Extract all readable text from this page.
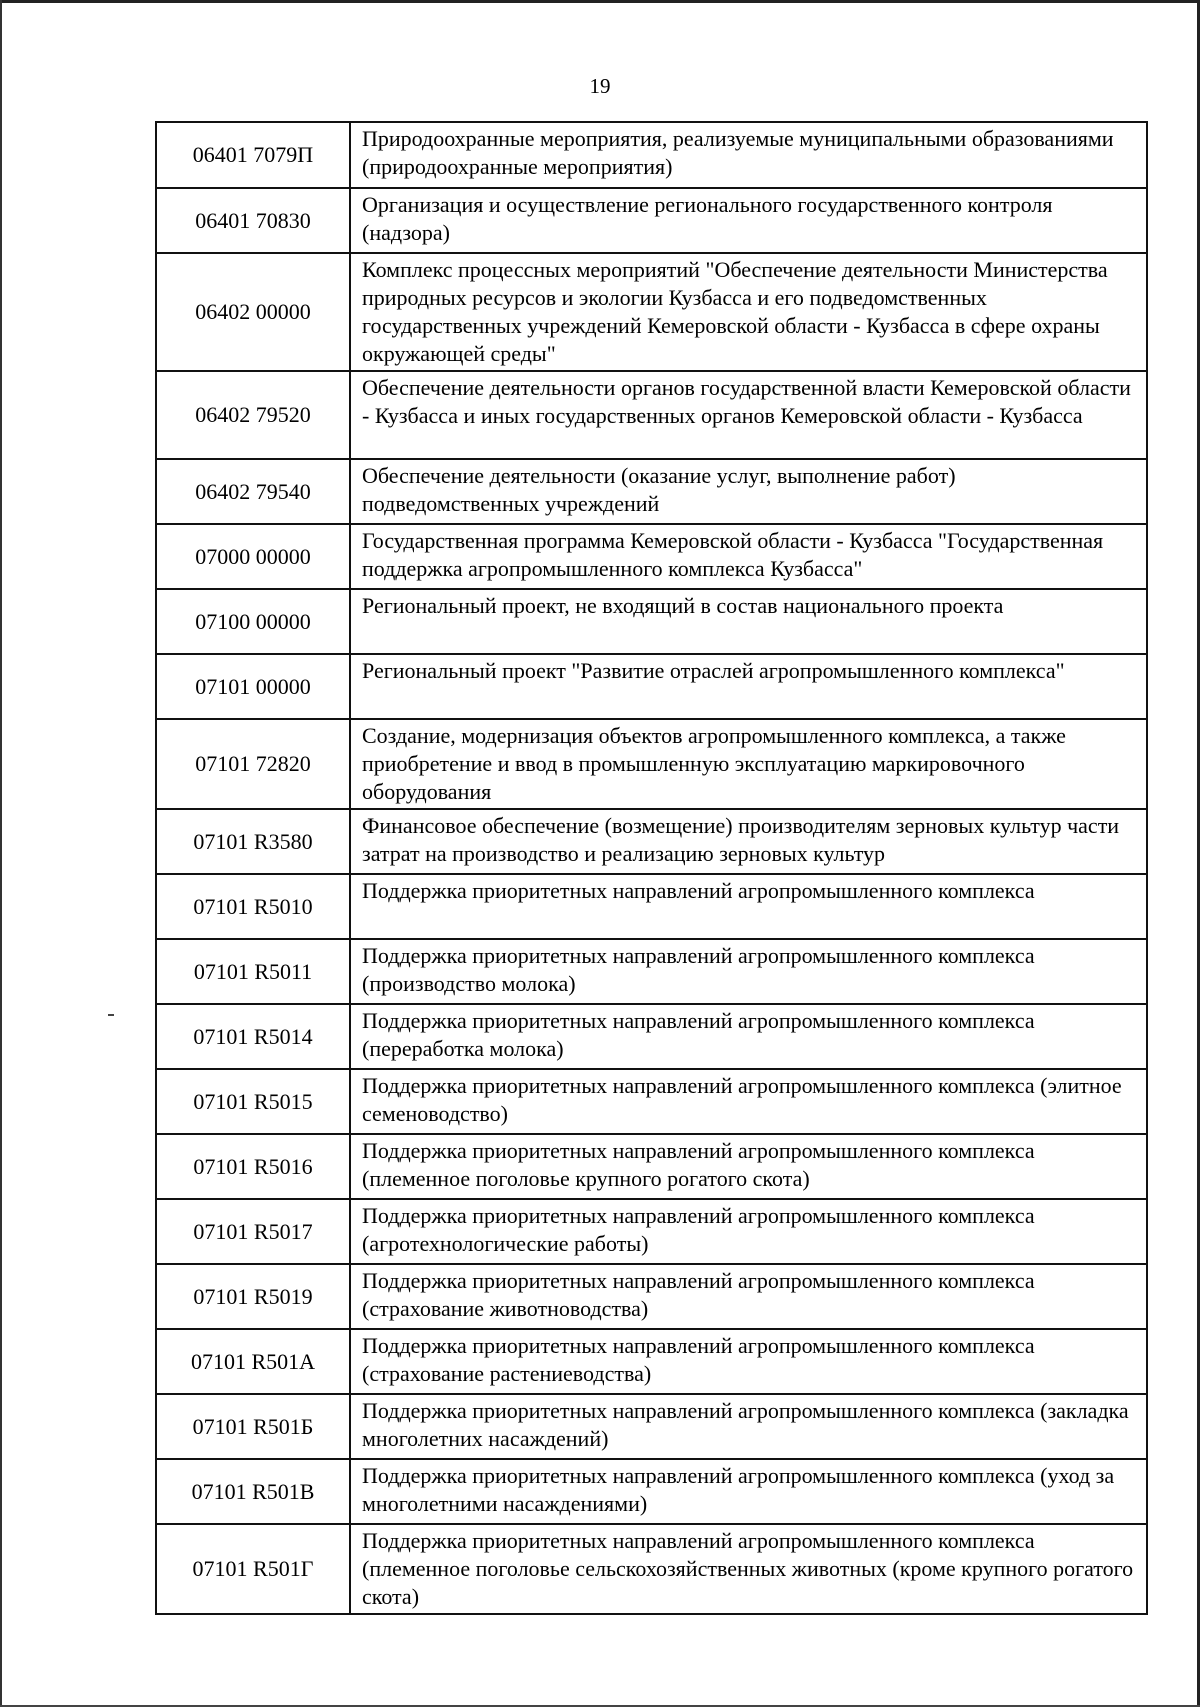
19
06401 7079П	Природоохранные мероприятия, реализуемые муниципальными образованиями (природоохранные мероприятия)
06401 70830	Организация и осуществление регионального государственного контроля (надзора)
06402 00000	Комплекс процессных мероприятий "Обеспечение деятельности Министерства природных ресурсов и экологии Кузбасса и его подведомственных государственных учреждений Кемеровской области - Кузбасса в сфере охраны окружающей среды"
06402 79520	Обеспечение деятельности органов государственной власти Кемеровской области - Кузбасса и иных государственных органов Кемеровской области - Кузбасса
06402 79540	Обеспечение деятельности (оказание услуг, выполнение работ) подведомственных учреждений
07000 00000	Государственная программа Кемеровской области - Кузбасса "Государственная поддержка агропромышленного комплекса Кузбасса"
07100 00000	Региональный проект, не входящий в состав национального проекта
07101 00000	Региональный проект "Развитие отраслей агропромышленного комплекса"
07101 72820	Создание, модернизация объектов агропромышленного комплекса, а также приобретение и ввод в промышленную эксплуатацию маркировочного оборудования
07101 R3580	Финансовое обеспечение (возмещение) производителям зерновых культур части затрат на производство и реализацию зерновых культур
07101 R5010	Поддержка приоритетных направлений агропромышленного комплекса
07101 R5011	Поддержка приоритетных направлений агропромышленного комплекса (производство молока)
07101 R5014	Поддержка приоритетных направлений агропромышленного комплекса (переработка молока)
07101 R5015	Поддержка приоритетных направлений агропромышленного комплекса (элитное семеноводство)
07101 R5016	Поддержка приоритетных направлений агропромышленного комплекса (племенное поголовье крупного рогатого скота)
07101 R5017	Поддержка приоритетных направлений агропромышленного комплекса (агротехнологические работы)
07101 R5019	Поддержка приоритетных направлений агропромышленного комплекса (страхование животноводства)
07101 R501А	Поддержка приоритетных направлений агропромышленного комплекса (страхование растениеводства)
07101 R501Б	Поддержка приоритетных направлений агропромышленного комплекса (закладка многолетних насаждений)
07101 R501В	Поддержка приоритетных направлений агропромышленного комплекса (уход за многолетними насаждениями)
07101 R501Г	Поддержка приоритетных направлений агропромышленного комплекса (племенное поголовье сельскохозяйственных животных (кроме крупного рогатого скота)
